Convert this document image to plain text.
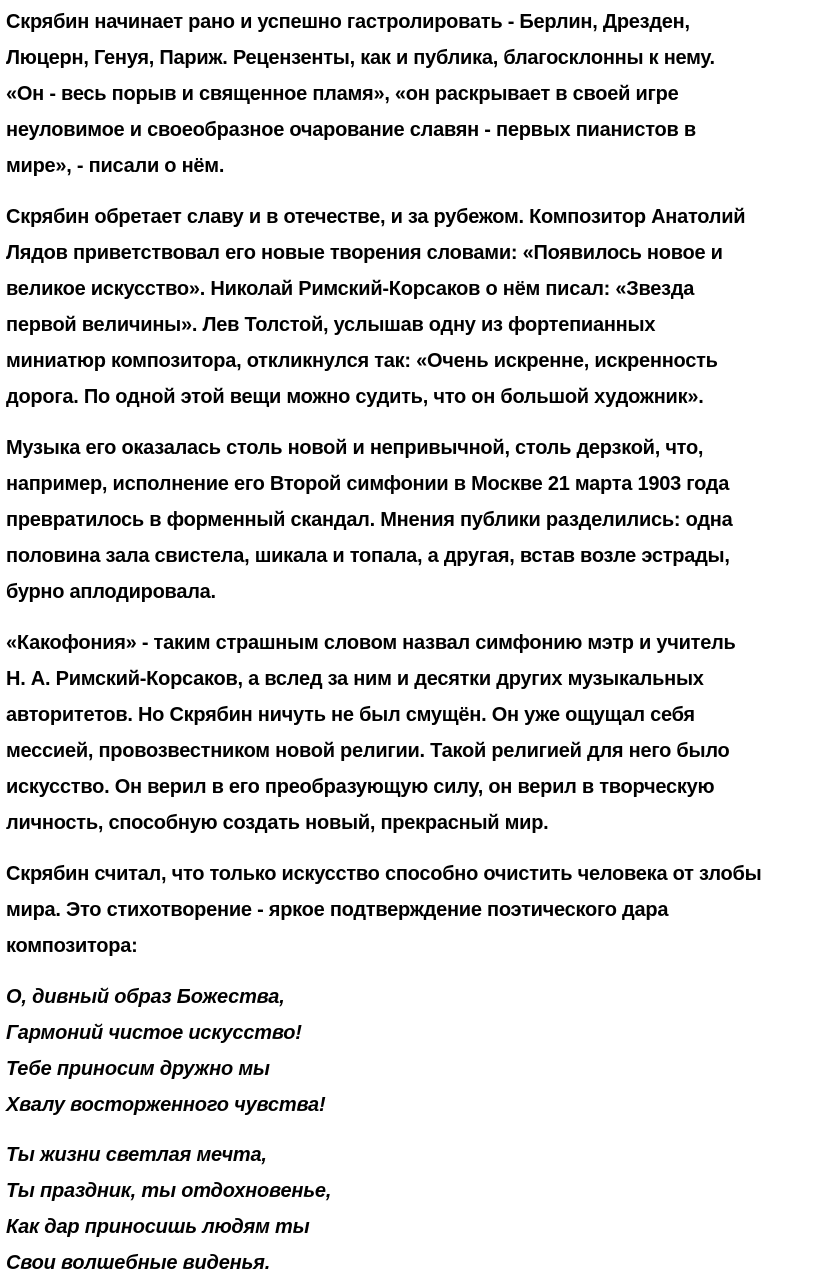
Скрябин начинает рано и успешно гастролировать - Берлин, Дрезден,
Люцерн, Генуя, Париж. Рецензенты, как и публика, благосклонны к нему.
«Он - весь порыв и священное пламя», «он раскрывает в своей игре
неуловимое и своеобразное очарование славян - первых пианистов в
мире», - писали о нём.

Скрябин обретает славу и в отечестве, и за рубежом. Композитор Анатолий
Лядов приветствовал его новые творения словами: «Появилось новое и
великое искусство». Николай Римский-Корсаков о нём писал: «Звезда
первой величины». Лев Толстой, услышав одну из фортепианных
миниатюр композитора, откликнулся так: «Очень искренне, искренность
дорога. По одной этой вещи можно судить, что он большой художник».

Музыка его оказалась столь новой и непривычной, столь дерзкой, что,
например, исполнение его Второй симфонии в Москве 21 марта 1903 года
превратилось в форменный скандал. Мнения публики разделились: одна
половина зала свистела, шикала и топала, а другая, встав возле эстрады,
бурно аплодировала.

«Какофония» - таким страшным словом назвал симфонию мэтр и учитель
Н. А. Римский-Корсаков, а вслед за ним и десятки других музыкальных
авторитетов. Но Скрябин ничуть не был смущён. Он уже ощущал себя
мессией, провозвестником новой религии. Такой религией для него было
искусство. Он верил в его преобразующую силу, он верил в творческую
личность, способную создать новый, прекрасный мир.

Скрябин считал, что только искусство способно очистить человека от злобы
мира. Это стихотворение - яркое подтверждение поэтического дара
композитора:

О, дивный образ Божества,
Гармоний чистое искусство!
Тебе приносим дружно мы
Хвалу восторженного чувства!
Ты жизни светлая мечта,
Ты праздник, ты отдохновенье,
Как дар приносишь людям ты
Свои волшебные виденья.
